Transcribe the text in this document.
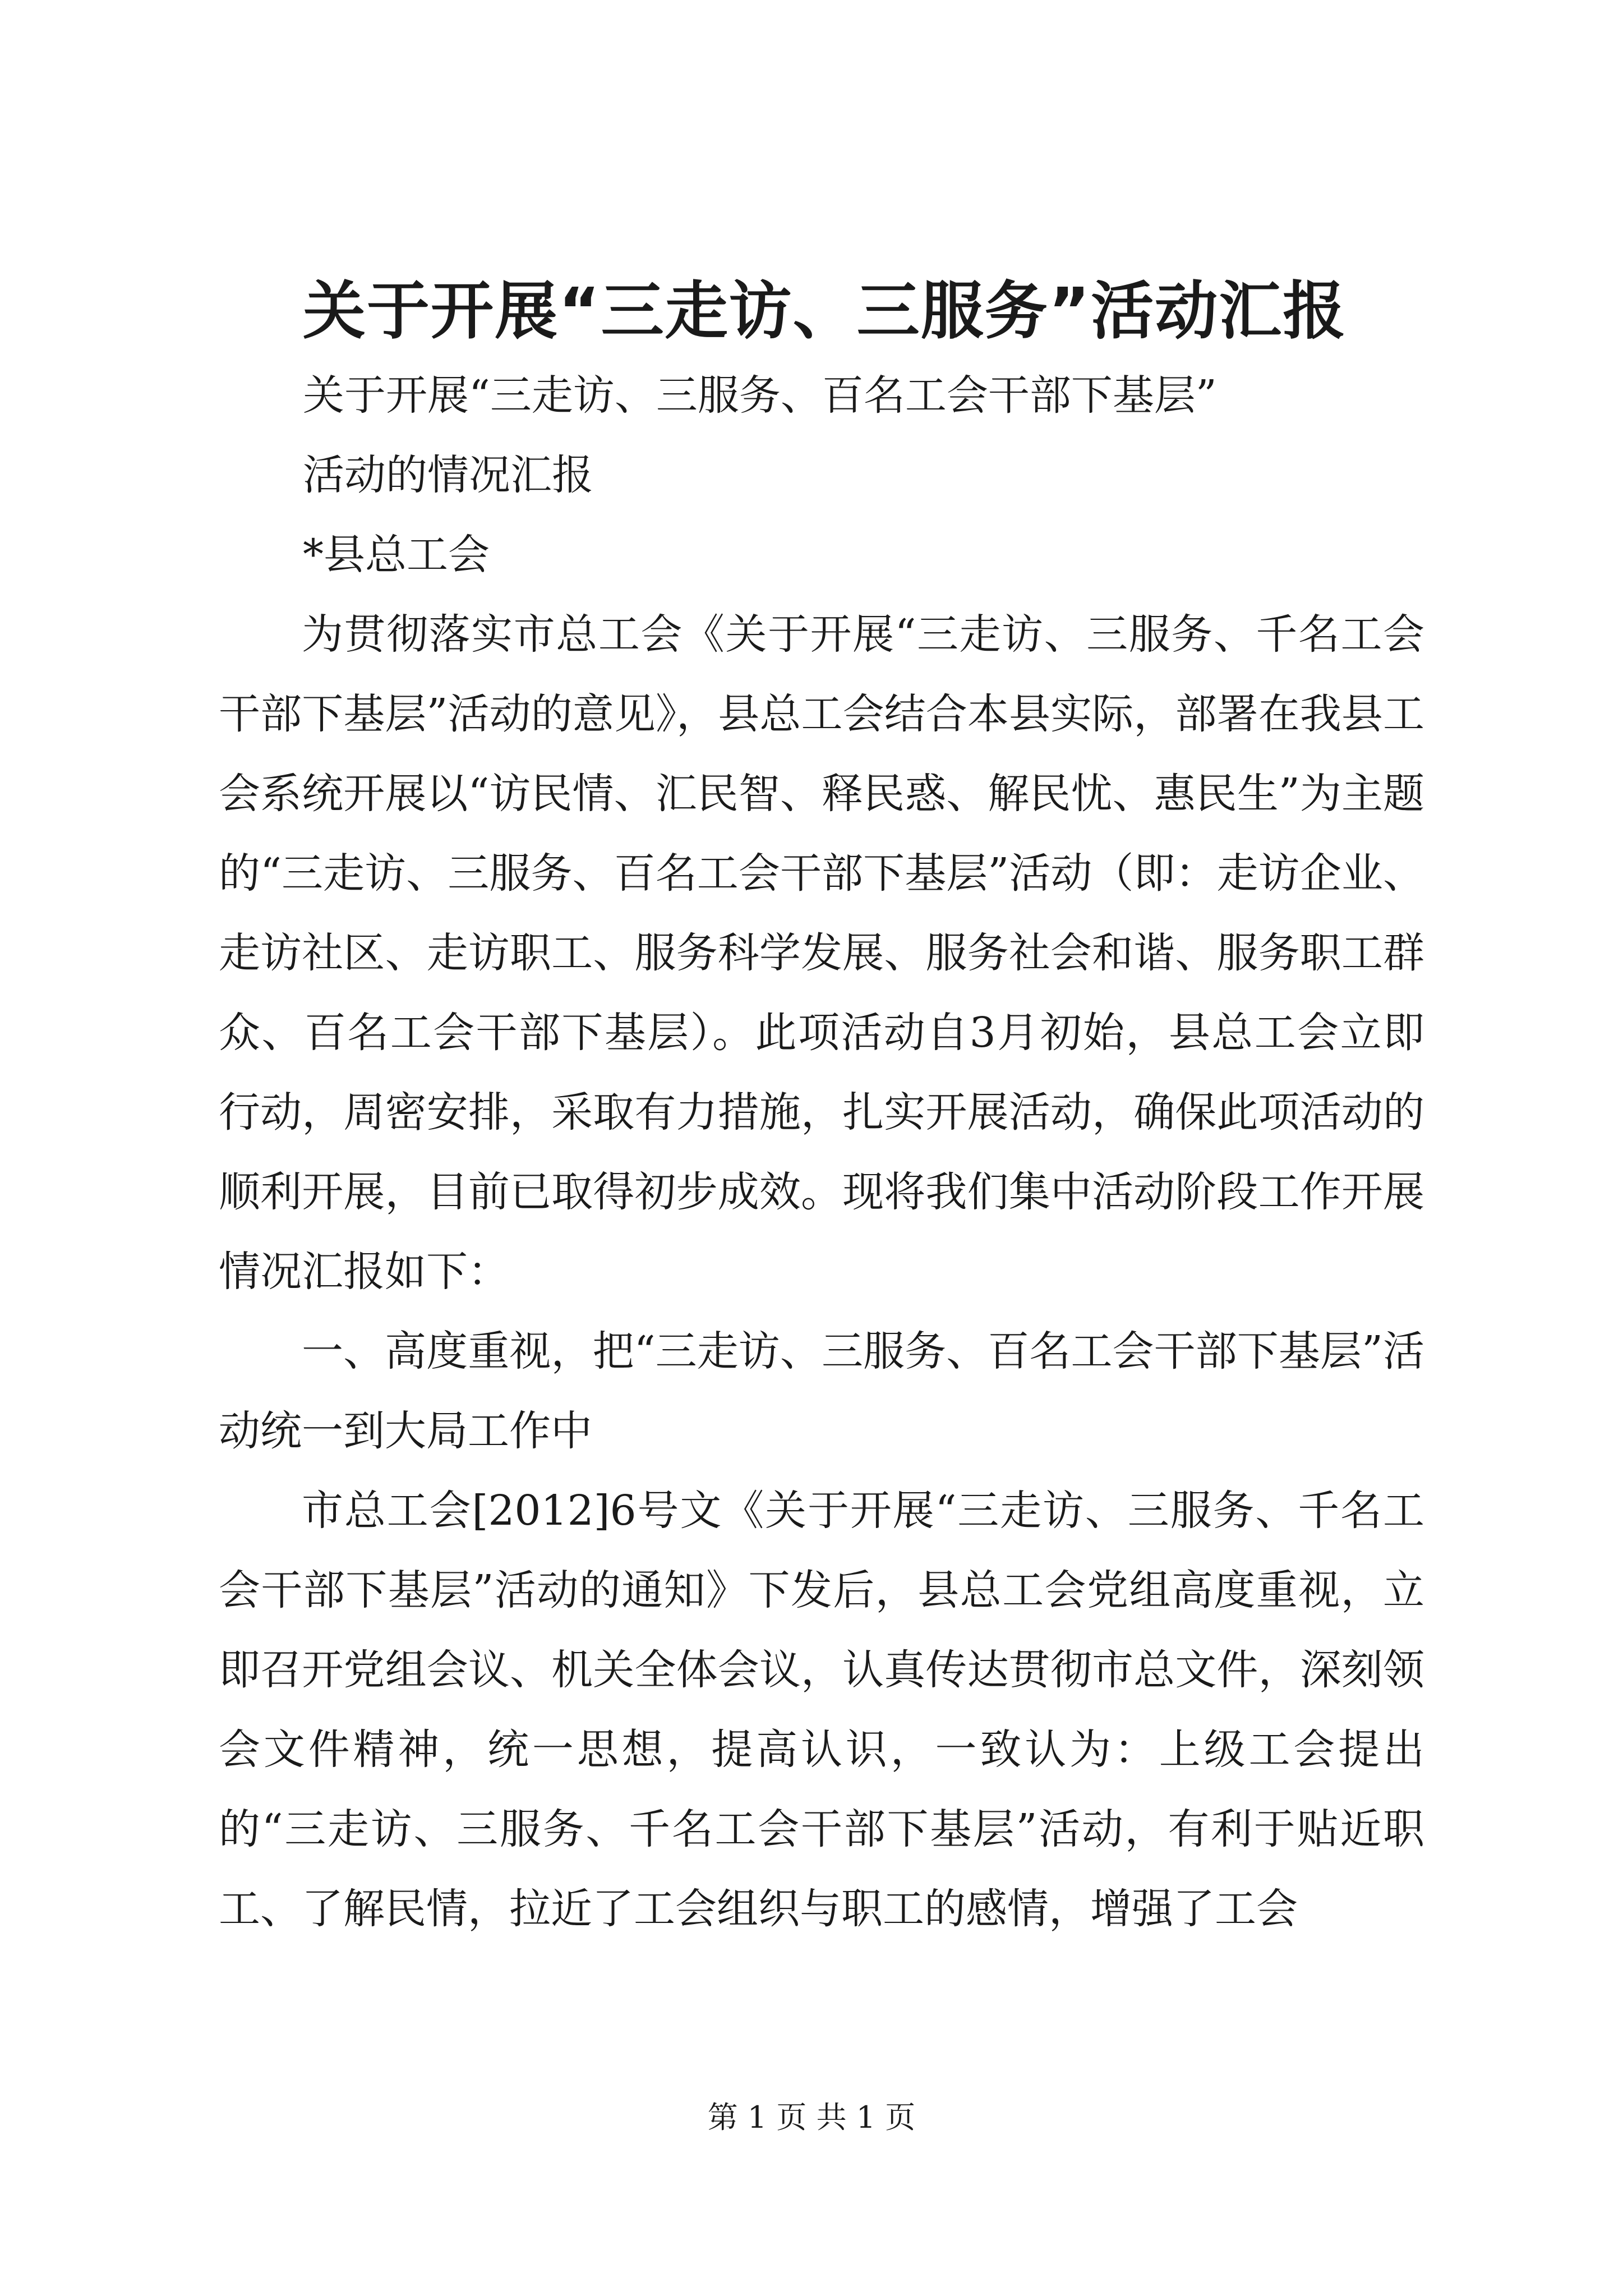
关于开展“三走访、三服务”活动汇报

关于开展“三走访、三服务、百名工会干部下基层”

活动的情况汇报

*县总工会

为贯彻落实市总工会《关于开展“三走访、三服务、千名工会干部下基层”活动的意见》，县总工会结合本县实际，部署在我县工会系统开展以“访民情、汇民智、释民惑、解民忧、惠民生”为主题的“三走访、三服务、百名工会干部下基层”活动（即：走访企业、走访社区、走访职工、服务科学发展、服务社会和谐、服务职工群众、百名工会干部下基层）。此项活动自3月初始，县总工会立即行动，周密安排，采取有力措施，扎实开展活动，确保此项活动的顺利开展，目前已取得初步成效。现将我们集中活动阶段工作开展情况汇报如下：

一、高度重视，把“三走访、三服务、百名工会干部下基层”活动统一到大局工作中

市总工会[2012]6号文《关于开展“三走访、三服务、千名工会干部下基层”活动的通知》下发后，县总工会党组高度重视，立即召开党组会议、机关全体会议，认真传达贯彻市总文件，深刻领会文件精神，统一思想，提高认识，一致认为：上级工会提出的“三走访、三服务、千名工会干部下基层”活动，有利于贴近职工、了解民情，拉近了工会组织与职工的感情，增强了工会

第 1 页 共 1 页
